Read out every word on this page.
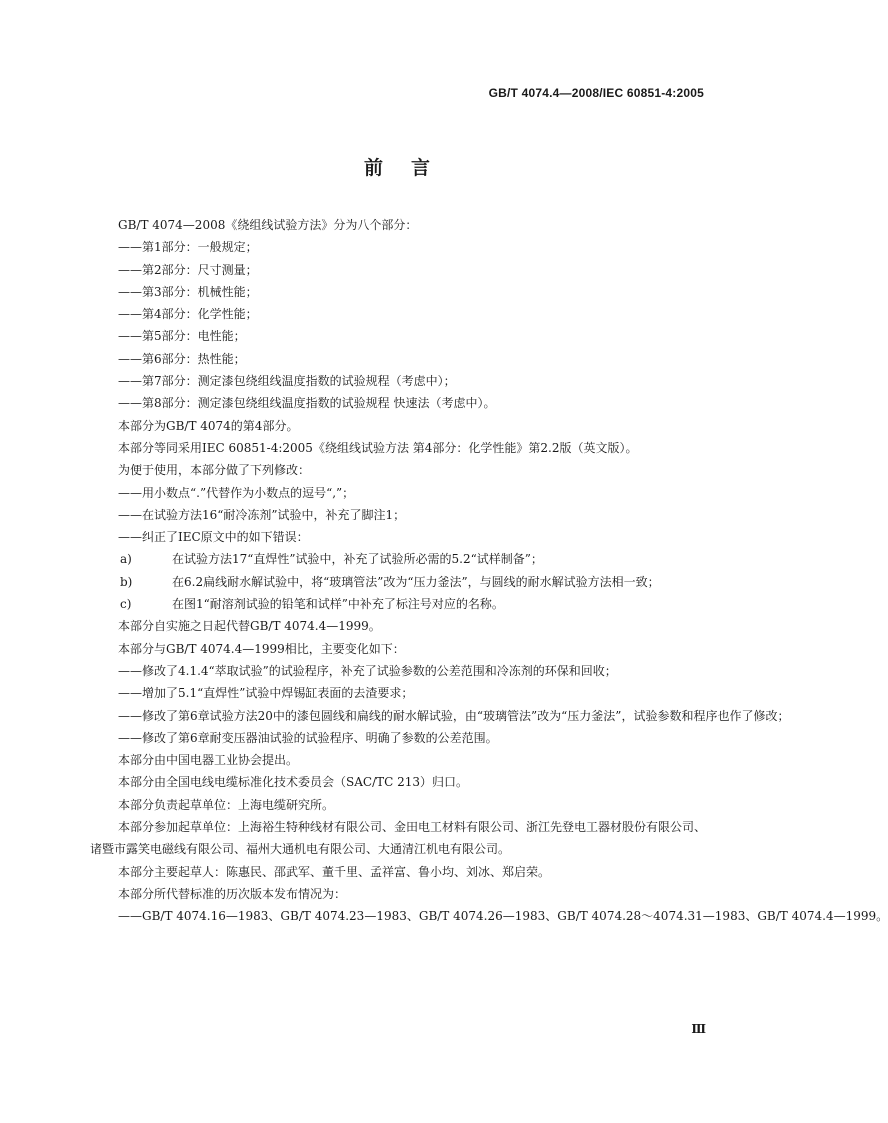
GB/T 4074.4—2008/IEC 60851-4:2005
前言

GB/T 4074—2008《绕组线试验方法》分为八个部分：

——第1部分：一般规定；

——第2部分：尺寸测量；

——第3部分：机械性能；

——第4部分：化学性能；

——第5部分：电性能；

——第6部分：热性能；

——第7部分：测定漆包绕组线温度指数的试验规程（考虑中）；

——第8部分：测定漆包绕组线温度指数的试验规程 快速法（考虑中）。

本部分为GB/T 4074的第4部分。

本部分等同采用IEC 60851-4:2005《绕组线试验方法 第4部分：化学性能》第2.2版（英文版）。

为便于使用，本部分做了下列修改：

——用小数点“.”代替作为小数点的逗号“,”；

——在试验方法16“耐冷冻剂”试验中，补充了脚注1；

——纠正了IEC原文中的如下错误：

a)	在试验方法17“直焊性”试验中，补充了试验所必需的5.2“试样制备”；
b)	在6.2扁线耐水解试验中，将“玻璃管法”改为“压力釜法”，与圆线的耐水解试验方法相一致；
c)	在图1“耐溶剂试验的铅笔和试样”中补充了标注号对应的名称。

本部分自实施之日起代替GB/T 4074.4—1999。

本部分与GB/T 4074.4—1999相比，主要变化如下：

——修改了4.1.4“萃取试验”的试验程序，补充了试验参数的公差范围和冷冻剂的环保和回收；

——增加了5.1“直焊性”试验中焊锡缸表面的去渣要求；

——修改了第6章试验方法20中的漆包圆线和扁线的耐水解试验，由“玻璃管法”改为“压力釜法”，试验参数和程序也作了修改；

——修改了第6章耐变压器油试验的试验程序、明确了参数的公差范围。

本部分由中国电器工业协会提出。

本部分由全国电线电缆标准化技术委员会（SAC/TC 213）归口。

本部分负责起草单位：上海电缆研究所。

本部分参加起草单位：上海裕生特种线材有限公司、金田电工材料有限公司、浙江先登电工器材股份有限公司、诸暨市露笑电磁线有限公司、福州大通机电有限公司、大通清江机电有限公司。

本部分主要起草人：陈惠民、邵武军、董千里、孟祥富、鲁小均、刘冰、郑启荣。

本部分所代替标准的历次版本发布情况为：

——GB/T 4074.16—1983、GB/T 4074.23—1983、GB/T 4074.26—1983、GB/T 4074.28～4074.31—1983、GB/T 4074.4—1999。

Ⅲ
